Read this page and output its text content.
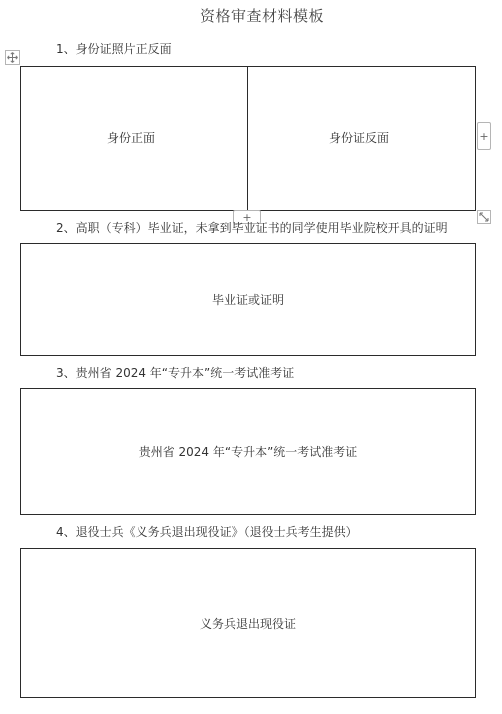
资格审查材料模板
1、身份证照片正反面
身份正面	身份证反面	+
+
2、高职（专科）毕业证，未拿到毕业证书的同学使用毕业院校开具的证明
毕业证或证明
3、贵州省 2024 年“专升本”统一考试准考证
贵州省 2024 年“专升本”统一考试准考证
4、退役士兵《义务兵退出现役证》（退役士兵考生提供）
义务兵退出现役证
